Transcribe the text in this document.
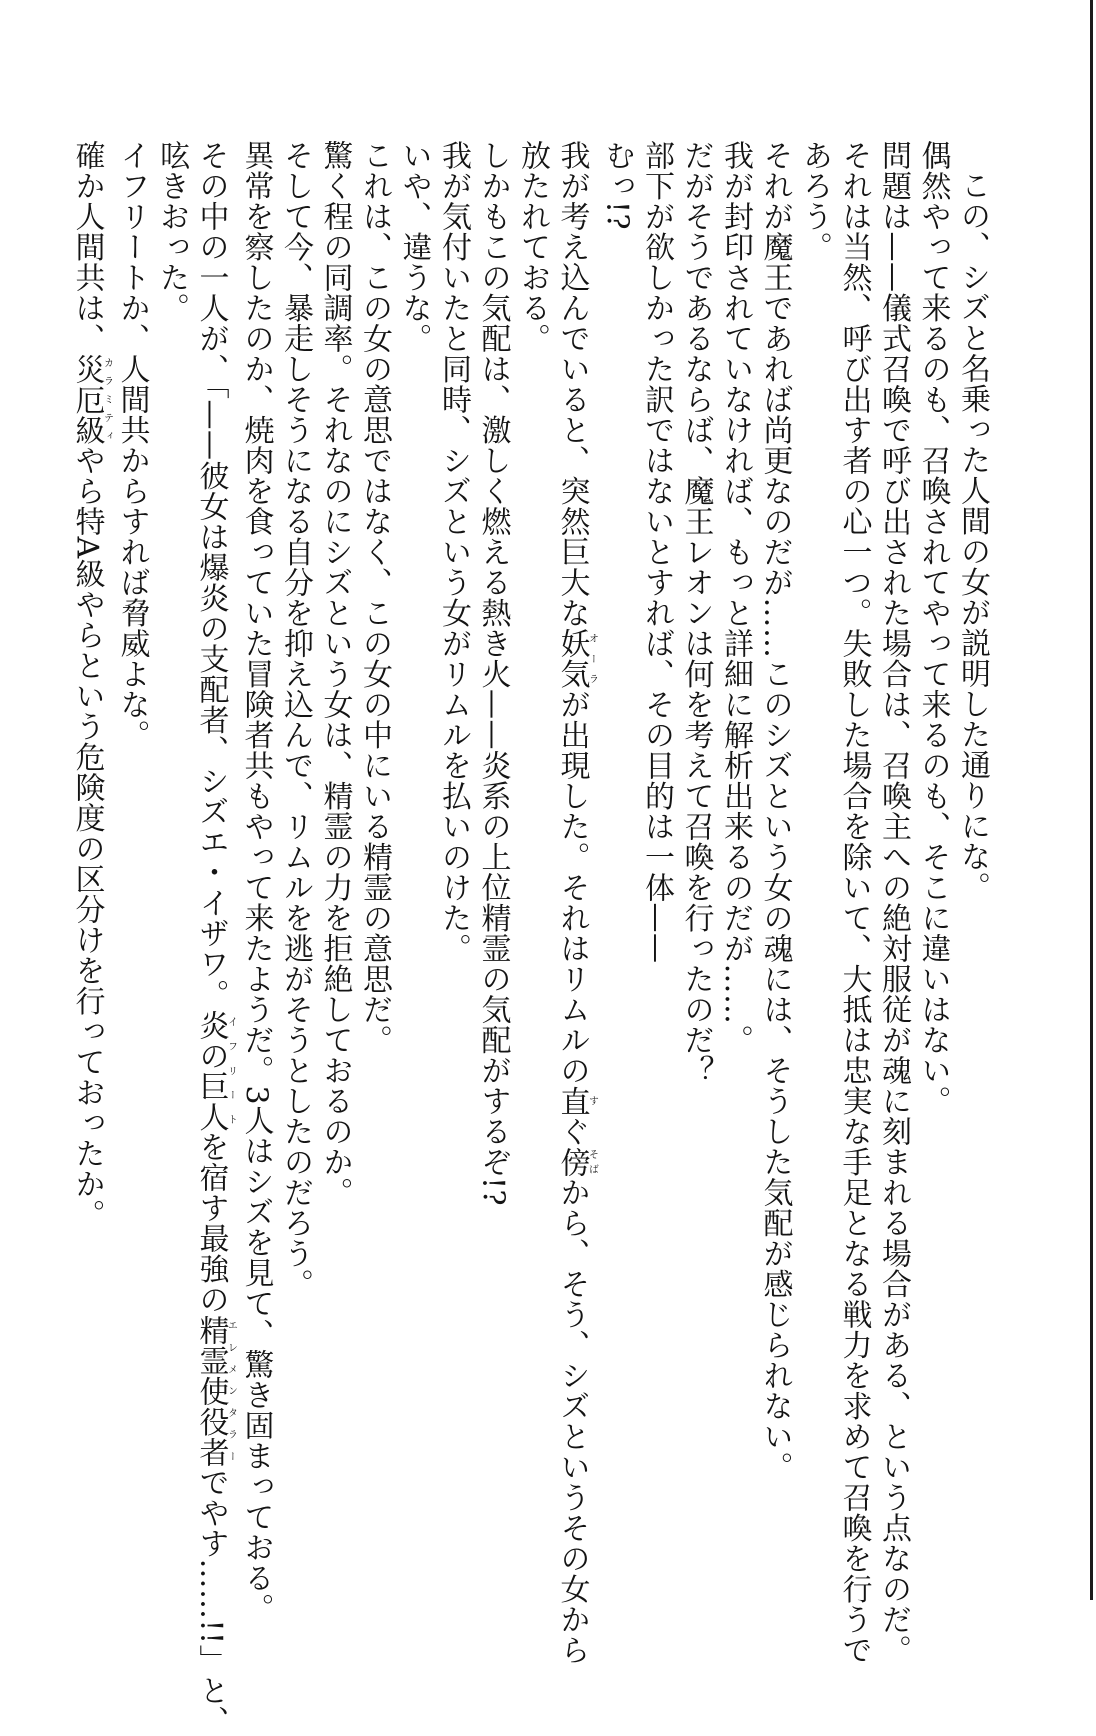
この、シズと名乗った人間の女が説明した通りにな。
偶然やって来るのも、召喚されてやって来るのも、そこに違いはない。
問題は——儀式召喚で呼び出された場合は、召喚主への絶対服従が魂に刻まれる場合がある、という点なのだ。
それは当然、呼び出す者の心一つ。失敗した場合を除いて、大抵は忠実な手足となる戦力を求めて召喚を行うで
あろう。
それが魔王であれば尚更なのだが……このシズという女の魂には、そうした気配が感じられない。
我が封印されていなければ、もっと詳細に解析出来るのだが……。
だがそうであるならば、魔王レオンは何を考えて召喚を行ったのだ？
部下が欲しかった訳ではないとすれば、その目的は一体——
むっ!?
我が考え込んでいると、突然巨大な妖気オーラが出現した。それはリムルの直すぐ傍そばから、そう、シズというその女から
放たれておる。
しかもこの気配は、激しく燃える熱き火——炎系の上位精霊の気配がするぞ!?
我が気付いたと同時、シズという女がリムルを払いのけた。
いや、違うな。
これは、この女の意思ではなく、この女の中にいる精霊の意思だ。
驚く程の同調率。それなのにシズという女は、精霊の力を拒絶しておるのか。
そして今、暴走しそうになる自分を抑え込んで、リムルを逃がそうとしたのだろう。
異常を察したのか、焼肉を食っていた冒険者共もやって来たようだ。3人はシズを見て、驚き固まっておる。
その中の一人が、「——彼女は爆炎の支配者、シズエ・イザワ。炎の巨人イフリートを宿す最強の精霊使役者エレメンタラーでやす……!!」と、
呟きおった。
イフリートか、人間共からすれば脅威よな。
確か人間共は、災厄級カラミティやら特A級やらという危険度の区分けを行っておったか。
